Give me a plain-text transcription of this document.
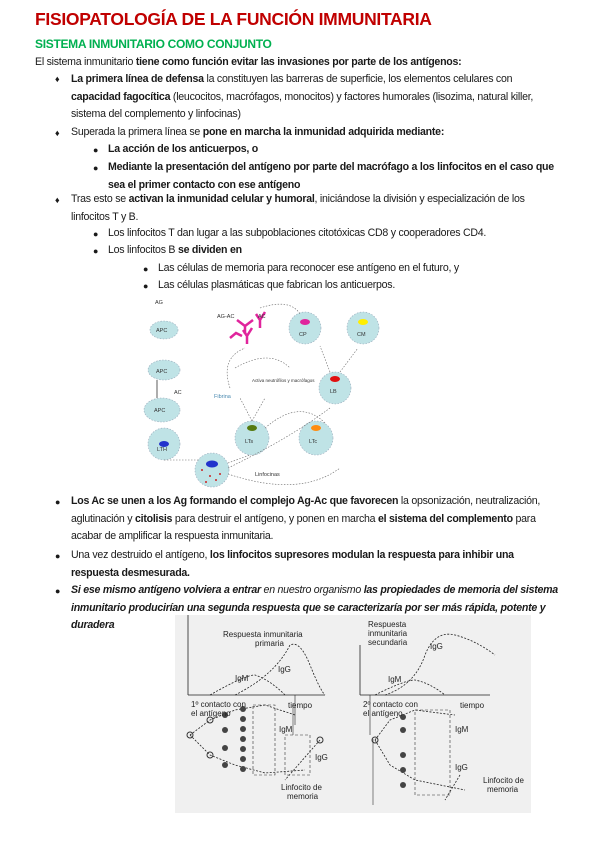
FISIOPATOLOGÍA DE LA FUNCIÓN IMMUNITARIA
SISTEMA INMUNITARIO COMO CONJUNTO
El sistema inmunitario tiene como función evitar las invasiones por parte de los antígenos:
♦ La primera línea de defensa la constituyen las barreras de superficie, los elementos celulares con capacidad fagocítica (leucocitos, macrófagos, monocitos) y factores humorales (lisozima, natural killer, sistema del complemento y linfocinas)
♦ Superada la primera línea se pone en marcha la inmunidad adquirida mediante:
● La acción de los anticuerpos, o
● Mediante la presentación del antígeno por parte del macrófago a los linfocitos en el caso que sea el primer contacto con ese antígeno
♦ Tras esto se activan la inmunidad celular y humoral, iniciándose la división y especialización de los linfocitos T y B.
● Los linfocitos T dan lugar a las subpoblaciones citotóxicas CD8 y cooperadores CD4.
● Los linfocitos B se dividen en
● Las células de memoria para reconocer ese antígeno en el futuro, y
● Las células plasmáticas que fabrican los anticuerpos.
AG
APC
APC
AC
APC
LTH
AG-AC	AC
CP	CM
LB
Fibrina
Activa neutrófilos y macrófagos
LTs	LTc
Linfocinas
● Los Ac se unen a los Ag formando el complejo Ag-Ac que favorecen la opsonización, neutralización, aglutinación y citolisis para destruir el antígeno, y ponen en marcha el sistema del complemento para acabar de amplificar la respuesta inmunitaria.
● Una vez destruido el antígeno, los linfocitos supresores modulan la respuesta para inhibir una respuesta desmesurada.
● Si ese mismo antígeno volviera a entrar en nuestro organismo las propiedades de memoria del sistema inmunitario producirían una segunda respuesta que se caracterizaría por ser más rápida, potente y duradera
Respuesta inmunitaria
primaria
Respuesta
inmunitaria
secundaria
IgM
IgG
IgM
IgG
tiempo	tiempo
1º contacto con
el antígeno
2º contacto con
el antígeno
IgM
IgG
IgM
IgG
Linfocito de
memoria
Linfocito de
memoria
